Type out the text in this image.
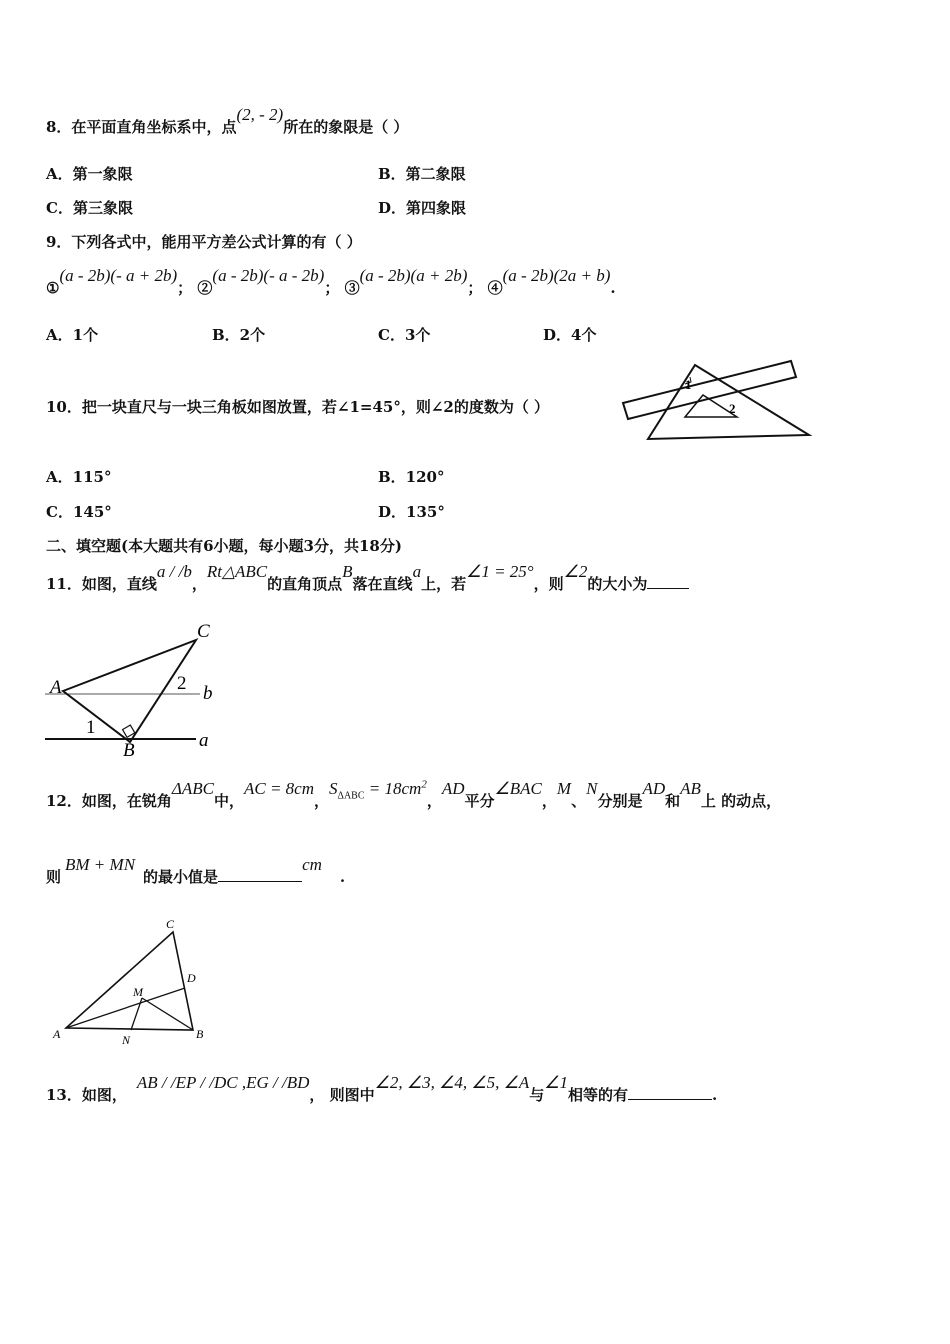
8．在平面直角坐标系中，点(2, - 2)所在的象限是（ ）
A．第一象限	B．第二象限
C．第三象限	D．第四象限
9．下列各式中，能用平方差公式计算的有（ ）
①(a - 2b)(- a + 2b)； ②(a - 2b)(- a - 2b)； ③(a - 2b)(a + 2b)； ④(a - 2b)(2a + b).
A．1个	B．2个	C．3个	D．4个
10．把一块直尺与一块三角板如图放置，若∠1=45°，则∠2的度数为（ ）
1
2
A．115°	B．120°
C．145°	D．135°
二、填空题(本大题共有6小题，每小题3分，共18分)
11．如图，直线a / /b，Rt△ABC的直角顶点B落在直线a上，若∠1 = 25°，则∠2的大小为
C
A	2 b
1
B	a
12．如图，在锐角ΔABC中，AC = 8cm，$S_{\Delta ABC} = 18cm^2$，AD平分∠BAC，M、N分别是AD和AB上 的动点，
则BM + MN的最小值是cm.
C
D
M
A	N	B
13．如图，AB / /EP / /DC ,EG / /BD， 则图中∠2, ∠3, ∠4, ∠5, ∠A与∠1相等的有	.
